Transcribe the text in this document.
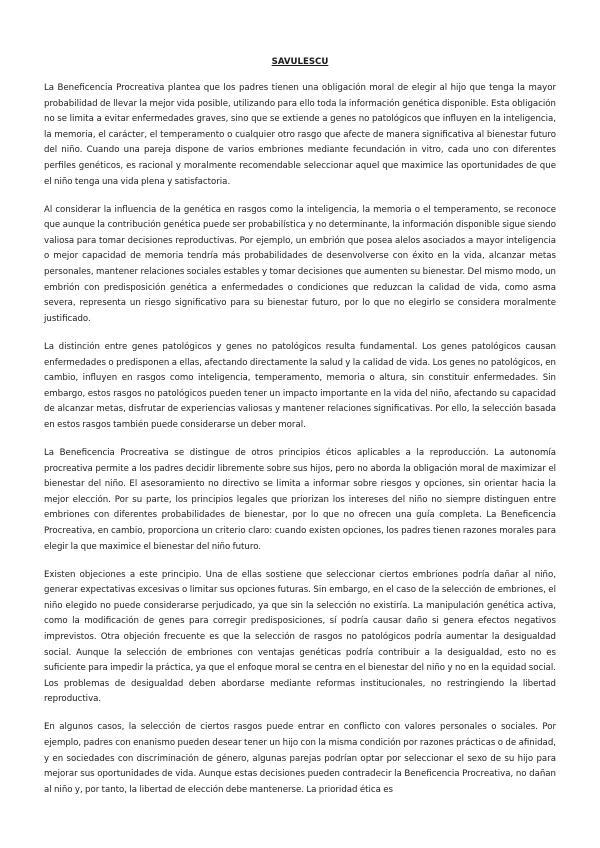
SAVULESCU

La Beneficencia Procreativa plantea que los padres tienen una obligación moral de elegir al hijo que tenga la mayor probabilidad de llevar la mejor vida posible, utilizando para ello toda la información genética disponible. Esta obligación no se limita a evitar enfermedades graves, sino que se extiende a genes no patológicos que influyen en la inteligencia, la memoria, el carácter, el temperamento o cualquier otro rasgo que afecte de manera significativa al bienestar futuro del niño. Cuando una pareja dispone de varios embriones mediante fecundación in vitro, cada uno con diferentes perfiles genéticos, es racional y moralmente recomendable seleccionar aquel que maximice las oportunidades de que el niño tenga una vida plena y satisfactoria.

Al considerar la influencia de la genética en rasgos como la inteligencia, la memoria o el temperamento, se reconoce que aunque la contribución genética puede ser probabilística y no determinante, la información disponible sigue siendo valiosa para tomar decisiones reproductivas. Por ejemplo, un embrión que posea alelos asociados a mayor inteligencia o mejor capacidad de memoria tendría más probabilidades de desenvolverse con éxito en la vida, alcanzar metas personales, mantener relaciones sociales estables y tomar decisiones que aumenten su bienestar. Del mismo modo, un embrión con predisposición genética a enfermedades o condiciones que reduzcan la calidad de vida, como asma severa, representa un riesgo significativo para su bienestar futuro, por lo que no elegirlo se considera moralmente justificado.

La distinción entre genes patológicos y genes no patológicos resulta fundamental. Los genes patológicos causan enfermedades o predisponen a ellas, afectando directamente la salud y la calidad de vida. Los genes no patológicos, en cambio, influyen en rasgos como inteligencia, temperamento, memoria o altura, sin constituir enfermedades. Sin embargo, estos rasgos no patológicos pueden tener un impacto importante en la vida del niño, afectando su capacidad de alcanzar metas, disfrutar de experiencias valiosas y mantener relaciones significativas. Por ello, la selección basada en estos rasgos también puede considerarse un deber moral.

La Beneficencia Procreativa se distingue de otros principios éticos aplicables a la reproducción. La autonomía procreativa permite a los padres decidir libremente sobre sus hijos, pero no aborda la obligación moral de maximizar el bienestar del niño. El asesoramiento no directivo se limita a informar sobre riesgos y opciones, sin orientar hacia la mejor elección. Por su parte, los principios legales que priorizan los intereses del niño no siempre distinguen entre embriones con diferentes probabilidades de bienestar, por lo que no ofrecen una guía completa. La Beneficencia Procreativa, en cambio, proporciona un criterio claro: cuando existen opciones, los padres tienen razones morales para elegir la que maximice el bienestar del niño futuro.

Existen objeciones a este principio. Una de ellas sostiene que seleccionar ciertos embriones podría dañar al niño, generar expectativas excesivas o limitar sus opciones futuras. Sin embargo, en el caso de la selección de embriones, el niño elegido no puede considerarse perjudicado, ya que sin la selección no existiría. La manipulación genética activa, como la modificación de genes para corregir predisposiciones, sí podría causar daño si genera efectos negativos imprevistos. Otra objeción frecuente es que la selección de rasgos no patológicos podría aumentar la desigualdad social. Aunque la selección de embriones con ventajas genéticas podría contribuir a la desigualdad, esto no es suficiente para impedir la práctica, ya que el enfoque moral se centra en el bienestar del niño y no en la equidad social. Los problemas de desigualdad deben abordarse mediante reformas institucionales, no restringiendo la libertad reproductiva.

En algunos casos, la selección de ciertos rasgos puede entrar en conflicto con valores personales o sociales. Por ejemplo, padres con enanismo pueden desear tener un hijo con la misma condición por razones prácticas o de afinidad, y en sociedades con discriminación de género, algunas parejas podrían optar por seleccionar el sexo de su hijo para mejorar sus oportunidades de vida. Aunque estas decisiones pueden contradecir la Beneficencia Procreativa, no dañan al niño y, por tanto, la libertad de elección debe mantenerse. La prioridad ética es
